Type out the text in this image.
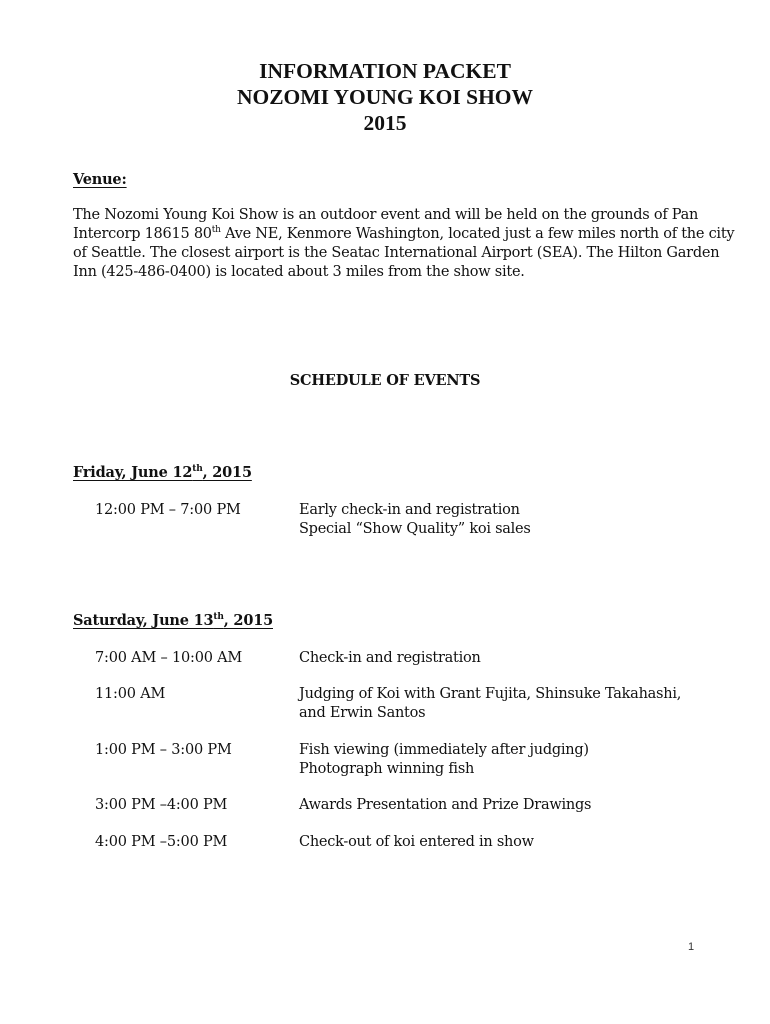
INFORMATION PACKET
NOZOMI YOUNG KOI SHOW
2015
Venue:
The Nozomi Young Koi Show is an outdoor event and will be held on the grounds of Pan
Intercorp 18615 80th Ave NE, Kenmore Washington, located just a few miles north of the city
of Seattle. The closest airport is the Seatac International Airport (SEA). The Hilton Garden
Inn (425-486-0400) is located about 3 miles from the show site.
SCHEDULE OF EVENTS
Friday, June 12th, 2015
12:00 PM – 7:00 PM	Early check-in and registration
Special “Show Quality” koi sales
Saturday, June 13th, 2015
7:00 AM – 10:00 AM	Check-in and registration
11:00 AM	Judging of Koi with Grant Fujita, Shinsuke Takahashi,
and Erwin Santos
1:00 PM – 3:00 PM	Fish viewing (immediately after judging)
Photograph winning fish
3:00 PM –4:00 PM	Awards Presentation and Prize Drawings
4:00 PM –5:00 PM	Check-out of koi entered in show
1
